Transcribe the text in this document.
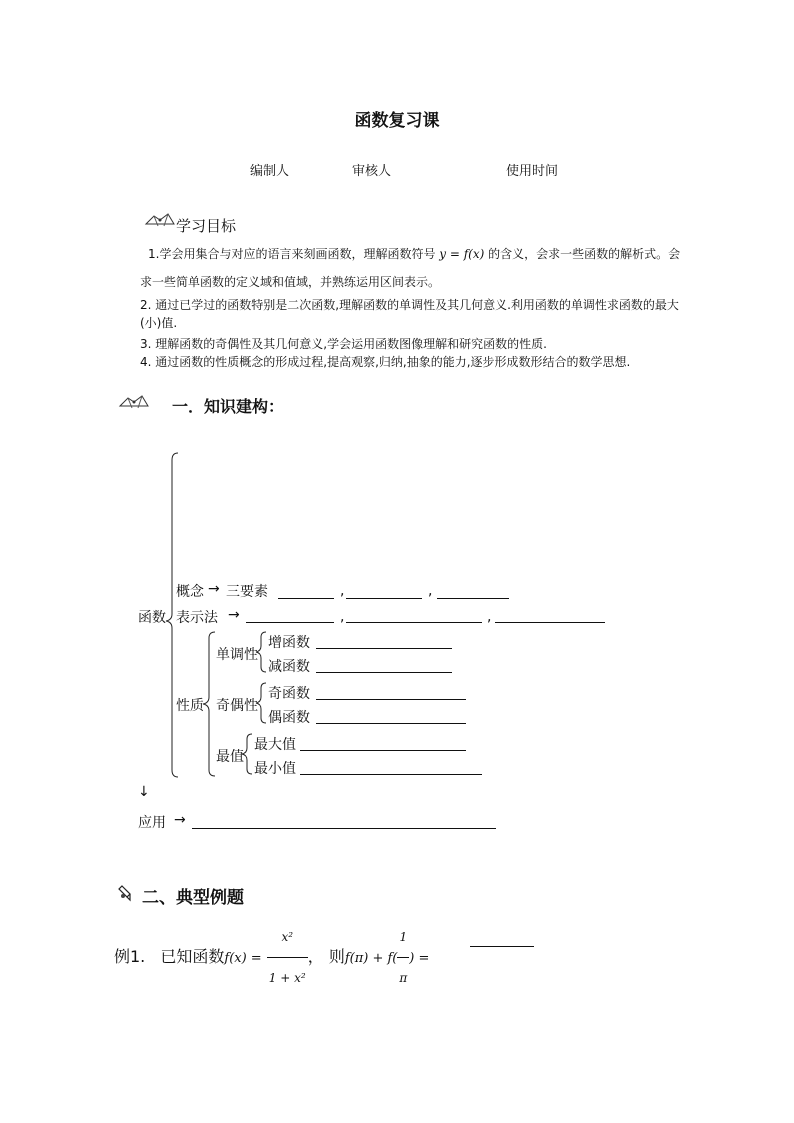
函数复习课
编制人	审核人	使用时间
学习目标
1.学会用集合与对应的语言来刻画函数，理解函数符号 y = f(x) 的含义，会求一些函数的解析式。会
求一些简单函数的定义域和值域，并熟练运用区间表示。
2. 通过已学过的函数特别是二次函数,理解函数的单调性及其几何意义.利用函数的单调性求函数的最大
(小)值.
3. 理解函数的奇偶性及其几何意义,学会运用函数图像理解和研究函数的性质.
4. 通过函数的性质概念的形成过程,提高观察,归纳,抽象的能力,逐步形成数形结合的数学思想.
一．知识建构：
函数
概念 → 三要素	,	,
表示法 →	,	,
性质
单调性
增函数
减函数
奇偶性
奇函数
偶函数
最值
最大值
最小值
↓
应用 →
二、典型例题
例1. 已知函数$f(x) = \frac{\text{x²}}{\text{1 + x²}}$ ， 则$f(\pi) + f( \frac{1}{\pi}$ ) =
